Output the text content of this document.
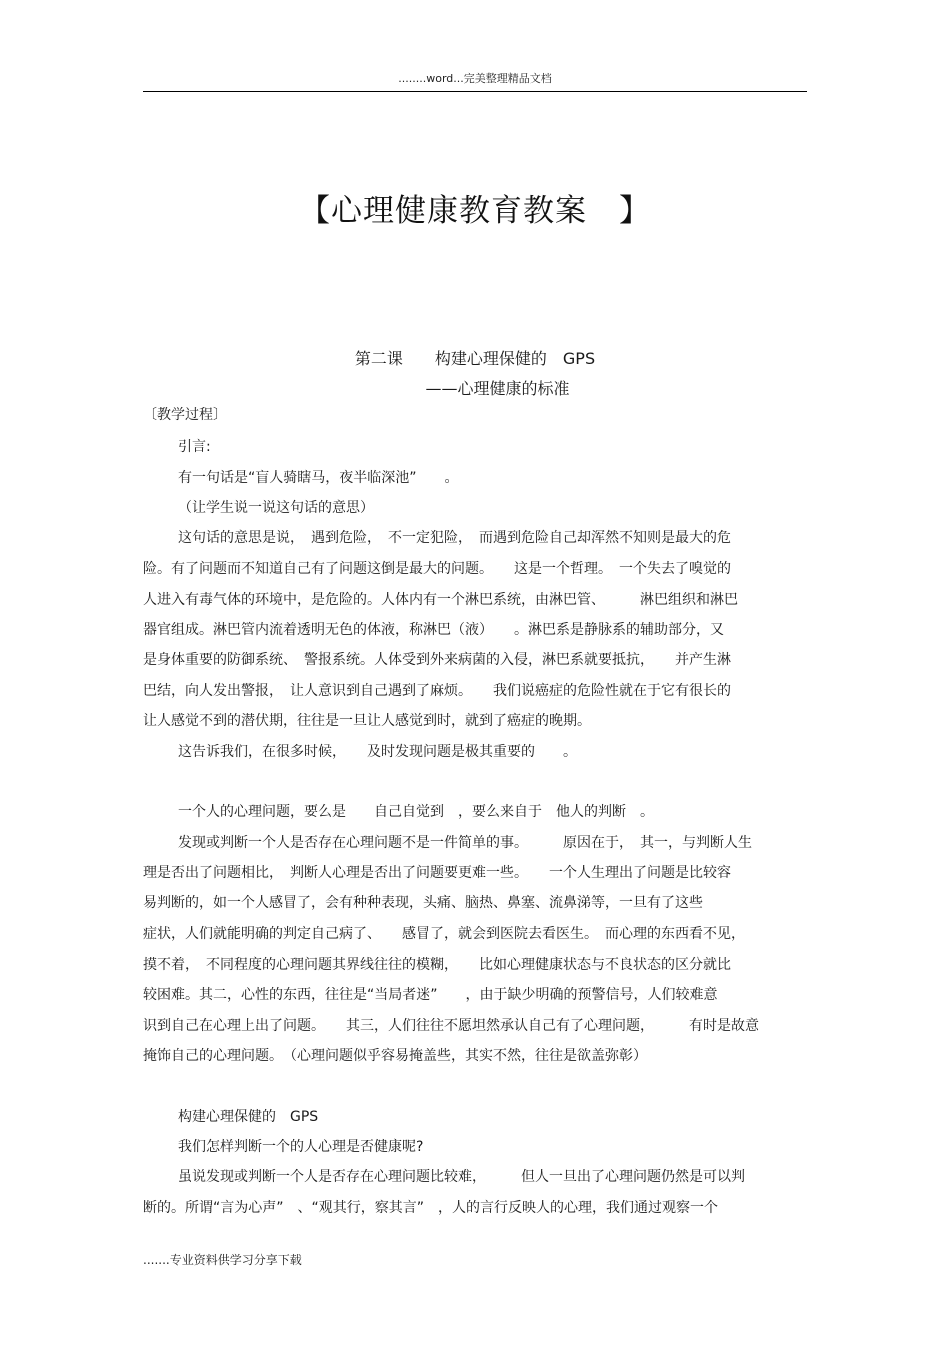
........word...完美整理精品文档
【心理健康教育教案　】
第二课　　构建心理保健的　GPS
——心理健康的标准
〔教学过程〕
引言:
有一句话是“盲人骑瞎马，夜半临深池”　　。
（让学生说一说这句话的意思）
这句话的意思是说，　遇到危险，　不一定犯险，　而遇到危险自己却浑然不知则是最大的危
险。有了问题而不知道自己有了问题这倒是最大的问题。　　这是一个哲理。　一个失去了嗅觉的
人进入有毒气体的环境中，是危险的。人体内有一个淋巴系统，由淋巴管、　　　淋巴组织和淋巴
器官组成。淋巴管内流着透明无色的体液，称淋巴（液）　　。淋巴系是静脉系的辅助部分，又
是身体重要的防御系统、　警报系统。人体受到外来病菌的入侵，淋巴系就要抵抗，　　并产生淋
巴结，向人发出警报，　让人意识到自己遇到了麻烦。　　我们说癌症的危险性就在于它有很长的
让人感觉不到的潜伏期，往往是一旦让人感觉到时，就到了癌症的晚期。
这告诉我们，在很多时候，　　及时发现问题是极其重要的　　。
一个人的心理问题，要么是　　自己自觉到　，要么来自于　他人的判断　。
发现或判断一个人是否存在心理问题不是一件简单的事。　　　原因在于，　其一，与判断人生
理是否出了问题相比，　判断人心理是否出了问题要更难一些。　　一个人生理出了问题是比较容
易判断的，如一个人感冒了，会有种种表现，头痛、脑热、鼻塞、流鼻涕等，一旦有了这些
症状，人们就能明确的判定自己病了、　　感冒了，就会到医院去看医生。　而心理的东西看不见，
摸不着，　不同程度的心理问题其界线往往的模糊，　　比如心理健康状态与不良状态的区分就比
较困难。其二，心性的东西，往往是“当局者迷”　　，由于缺少明确的预警信号，人们较难意
识到自己在心理上出了问题。　　其三，人们往往不愿坦然承认自己有了心理问题，　　　有时是故意
掩饰自己的心理问题。　（心理问题似乎容易掩盖些，其实不然，往往是欲盖弥彰）
构建心理保健的　GPS
我们怎样判断一个的人心理是否健康呢?
虽说发现或判断一个人是否存在心理问题比较难，　　　但人一旦出了心理问题仍然是可以判
断的。所谓“言为心声”　、“观其行，察其言”　，人的言行反映人的心理，我们通过观察一个
.......专业资料供学习分享下载
